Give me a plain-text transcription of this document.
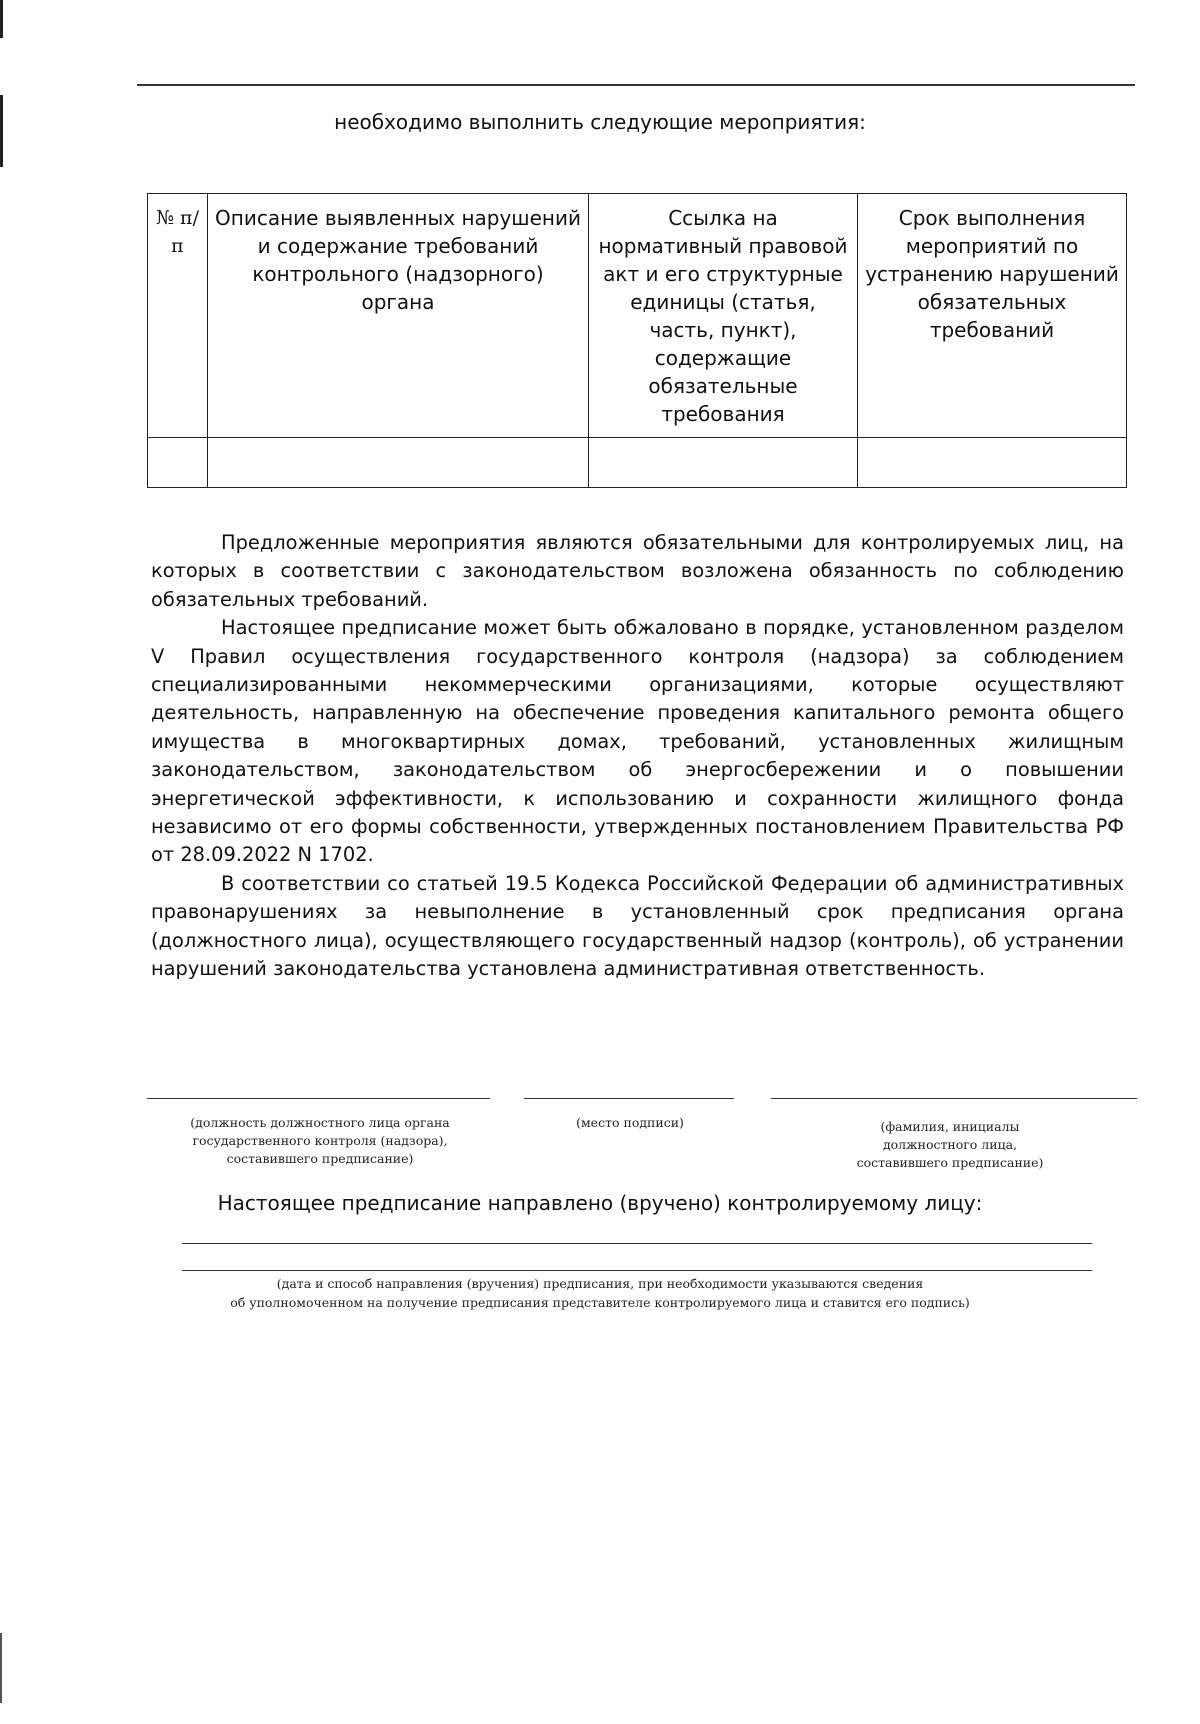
необходимо выполнить следующие мероприятия:
№ п/п	Описание выявленных нарушений и содержание требований контрольного (надзорного) органа	Ссылка на нормативный правовой акт и его структурные единицы (статья, часть, пункт), содержащие обязательные требования	Срок выполнения мероприятий по устранению нарушений обязательных требований

Предложенные мероприятия являются обязательными для контролируемых лиц, на которых в соответствии с законодательством возложена обязанность по соблюдению обязательных требований.

Настоящее предписание может быть обжаловано в порядке, установленном разделом V Правил осуществления государственного контроля (надзора) за соблюдением специализированными некоммерческими организациями, которые осуществляют деятельность, направленную на обеспечение проведения капитального ремонта общего имущества в многоквартирных домах, требований, установленных жилищным законодательством, законодательством об энергосбережении и о повышении энергетической эффективности, к использованию и сохранности жилищного фонда независимо от его формы собственности, утвержденных постановлением Правительства РФ от 28.09.2022 N 1702.

В соответствии со статьей 19.5 Кодекса Российской Федерации об административных правонарушениях за невыполнение в установленный срок предписания органа (должностного лица), осуществляющего государственный надзор (контроль), об устранении нарушений законодательства установлена административная ответственность.

(должность должностного лица органа государственного контроля (надзора), составившего предписание)
(место подписи)	(фамилия, инициалы должностного лица, составившего предписание)
Настоящее предписание направлено (вручено) контролируемому лицу:
(дата и способ направления (вручения) предписания, при необходимости указываются сведения
об уполномоченном на получение предписания представителе контролируемого лица и ставится его подпись)
